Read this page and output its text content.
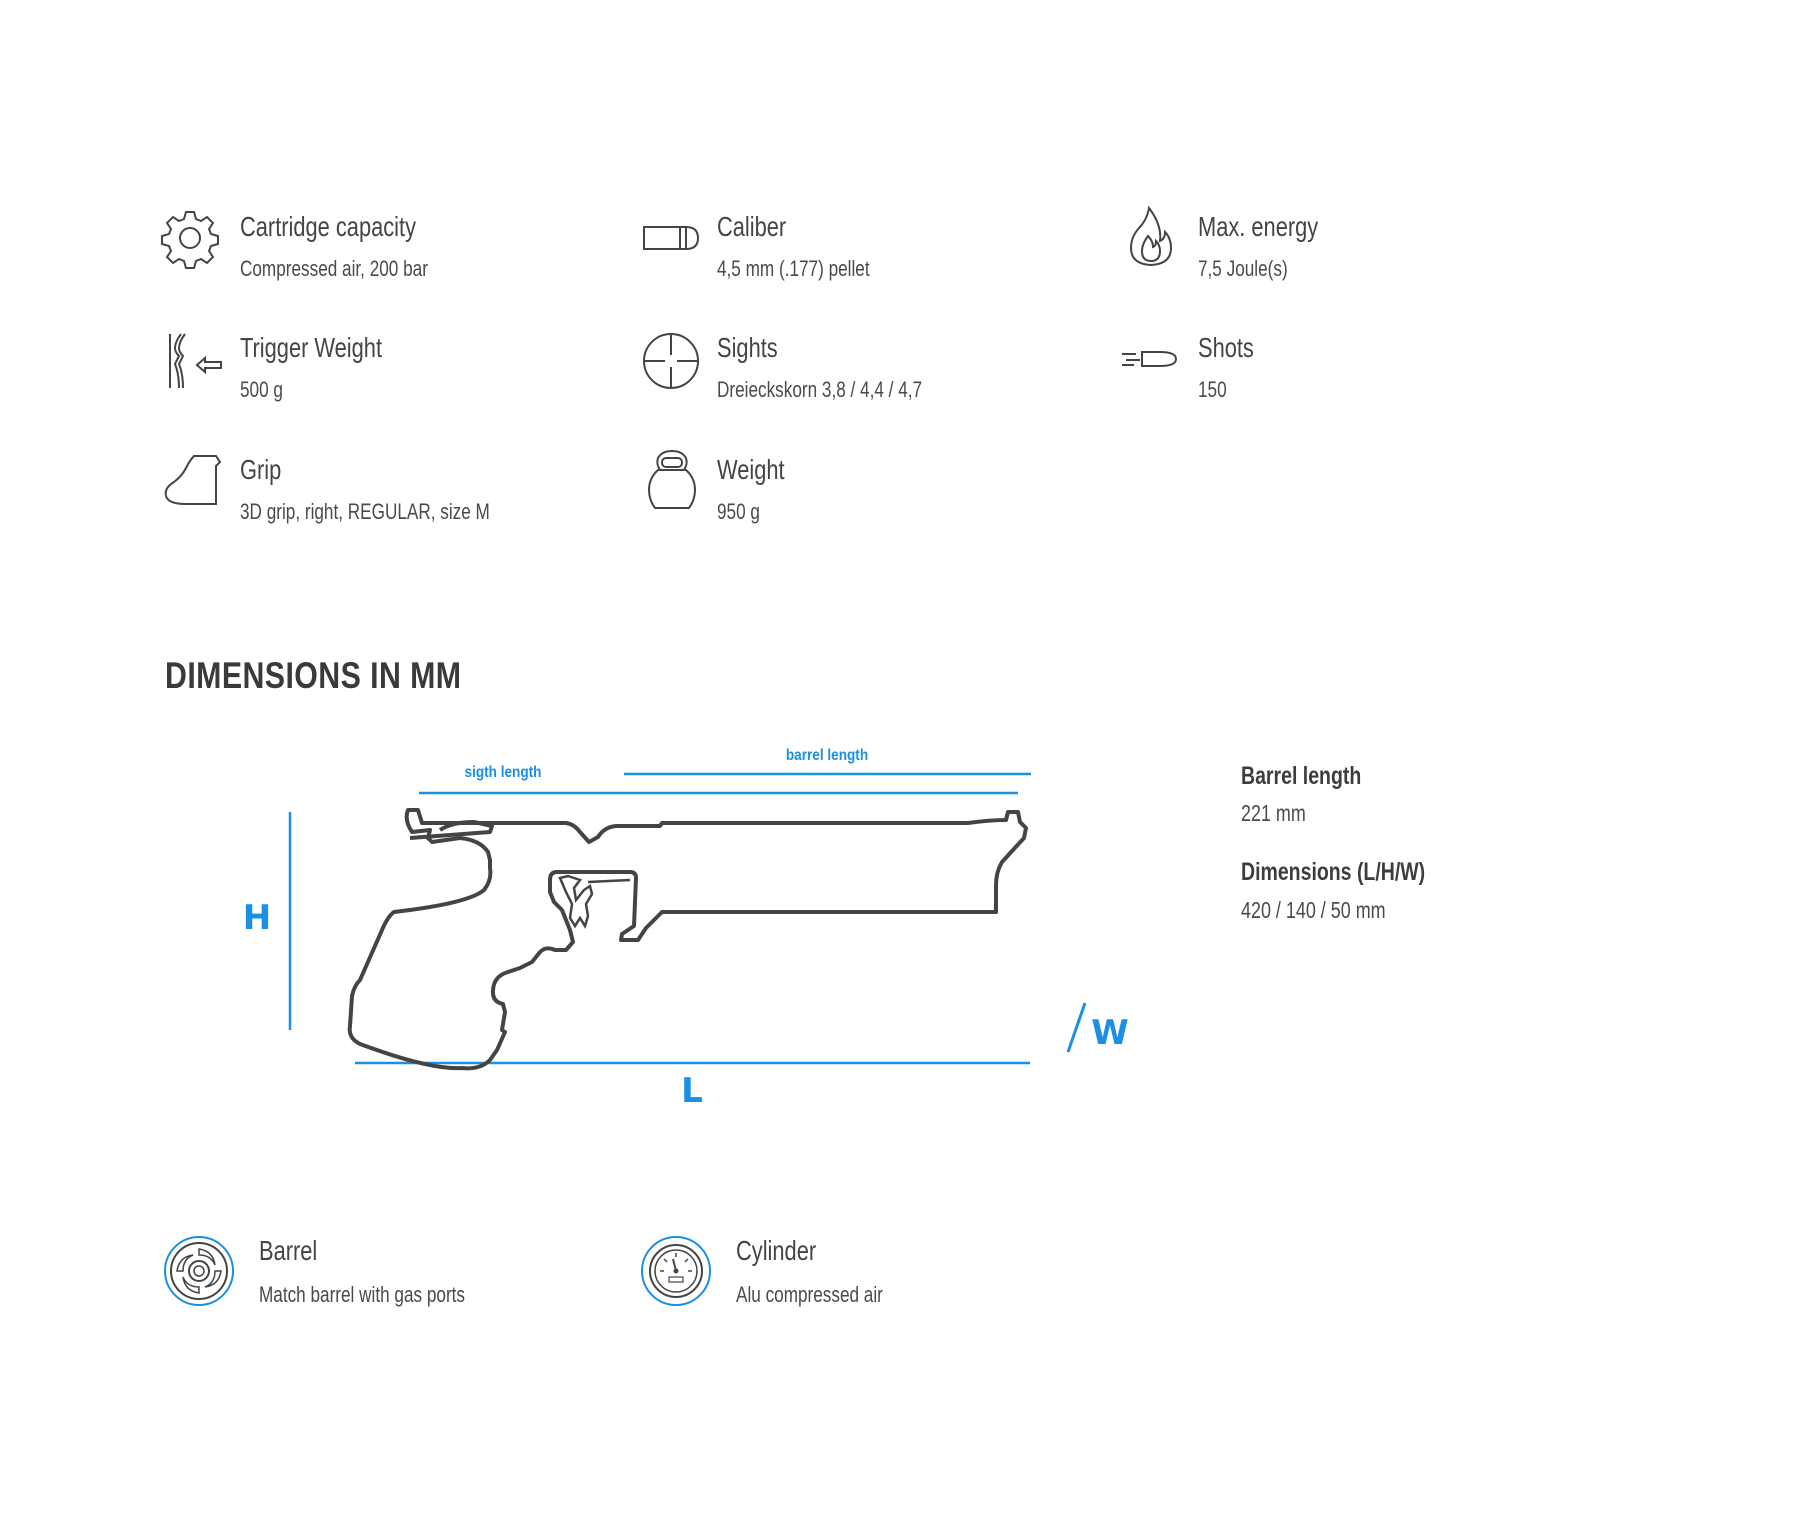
Cartridge capacity
Compressed air, 200 bar
Caliber
4,5 mm (.177) pellet
Max. energy
7,5 Joule(s)
Trigger Weight
500 g
Sights
Dreieckskorn 3,8 / 4,4 / 4,7
Shots
150
Grip
3D grip, right, REGULAR, size M
Weight
950 g
DIMENSIONS IN MM
sigth length
barrel length
H
L
W
Barrel length
221 mm
Dimensions (L/H/W)
420 / 140 / 50 mm
Barrel
Match barrel with gas ports
Cylinder
Alu compressed air
